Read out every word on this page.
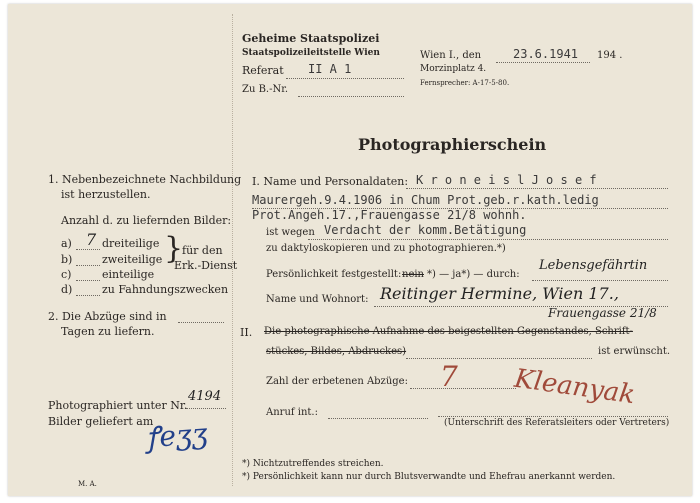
Geheime Staatspolizei
Staatspolizeileitstelle Wien
Referat II A 1
Zu B.-Nr.
Wien I., den	23.6.1941 194 .
Morzinplatz 4.
Fernsprecher: A-17-5-80.
Photographierschein
1. Nebenbezeichnete Nachbildung
ist herzustellen.
Anzahl d. zu liefernden Bilder:
a) 7 dreiteilige
b)	zweiteilige
c)	einteilige
d)	zu Fahndungszwecken
}
für den
Erk.-Dienst
2. Die Abzüge sind in
Tagen zu liefern.
Photographiert unter Nr.
4194
Bilder geliefert am
ꝭeʒʒ
M. A.
I. Name und Personaldaten: K r o n e i s l J o s e f
Maurergeh.9.4.1906 in Chum Prot.geb.r.kath.ledig
Prot.Angeh.17.,Frauengasse 21/8 wohnh.
ist wegen Verdacht der komm.Betätigung
zu daktyloskopieren und zu photographieren.*)
Persönlichkeit festgestellt: nein *) — ja*) — durch:
Lebensgefährtin
Name und Wohnort: Reitinger Hermine, Wien 17.,
Frauengasse 21/8
II. Die photographische Aufnahme des beigestellten Gegenstandes, Schrift-
stückes, Bildes, Abdruckes)	ist erwünscht.
Zahl der erbetenen Abzüge: 7
Anruf int.:
Kleanyak
(Unterschrift des Referatsleiters oder Vertreters)
*) Nichtzutreffendes streichen.
*) Persönlichkeit kann nur durch Blutsverwandte und Ehefrau anerkannt werden.
